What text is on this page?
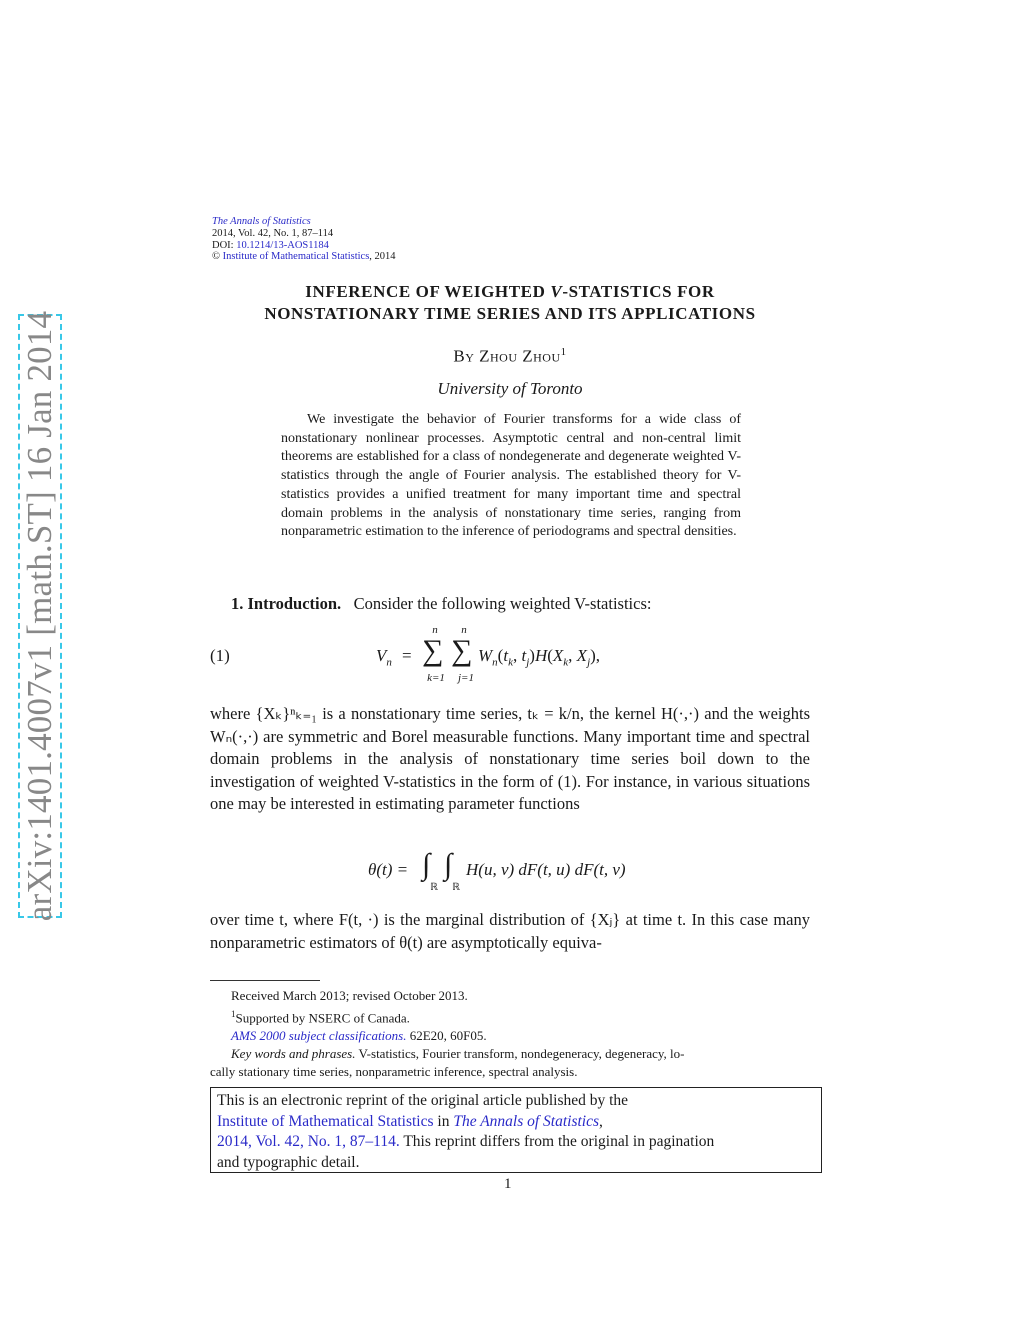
arXiv:1401.4007v1 [math.ST] 16 Jan 2014
The Annals of Statistics
2014, Vol. 42, No. 1, 87–114
DOI: 10.1214/13-AOS1184
© Institute of Mathematical Statistics, 2014
INFERENCE OF WEIGHTED V-STATISTICS FOR
NONSTATIONARY TIME SERIES AND ITS APPLICATIONS
By Zhou Zhou$^1$
University of Toronto
We investigate the behavior of Fourier transforms for a wide class of nonstationary nonlinear processes. Asymptotic central and non-central limit theorems are established for a class of nondegenerate and degenerate weighted V-statistics through the angle of Fourier analysis. The established theory for V-statistics provides a unified treatment for many important time and spectral domain problems in the analysis of nonstationary time series, ranging from nonparametric estimation to the inference of periodograms and spectral densities.
1. Introduction. Consider the following weighted V-statistics:
(1)	$V_n$ =
n
∑
k=1
n
∑
j=1
$W_n(t_k$, $t_j)H(X_k$, $X_j$),
where {Xₖ}ⁿₖ₌₁ is a nonstationary time series, tₖ = k/n, the kernel H(·,·) and the weights Wₙ(·,·) are symmetric and Borel measurable functions. Many important time and spectral domain problems in the analysis of nonstationary time series boil down to the investigation of weighted V-statistics in the form of (1). For instance, in various situations one may be interested in estimating parameter functions
θ(t) = ∫
ℝ
∫
ℝ
H(u, v) dF(t, u) dF(t, v)
over time t, where F(t, ·) is the marginal distribution of {Xⱼ} at time t. In this case many nonparametric estimators of θ(t) are asymptotically equiva-
Received March 2013; revised October 2013.
$^1$Supported by NSERC of Canada.
AMS 2000 subject classifications. 62E20, 60F05.
Key words and phrases. V-statistics, Fourier transform, nondegeneracy, degeneracy, lo-
cally stationary time series, nonparametric inference, spectral analysis.
This is an electronic reprint of the original article published by the
Institute of Mathematical Statistics in The Annals of Statistics,
2014, Vol. 42, No. 1, 87–114. This reprint differs from the original in pagination
and typographic detail.
1
